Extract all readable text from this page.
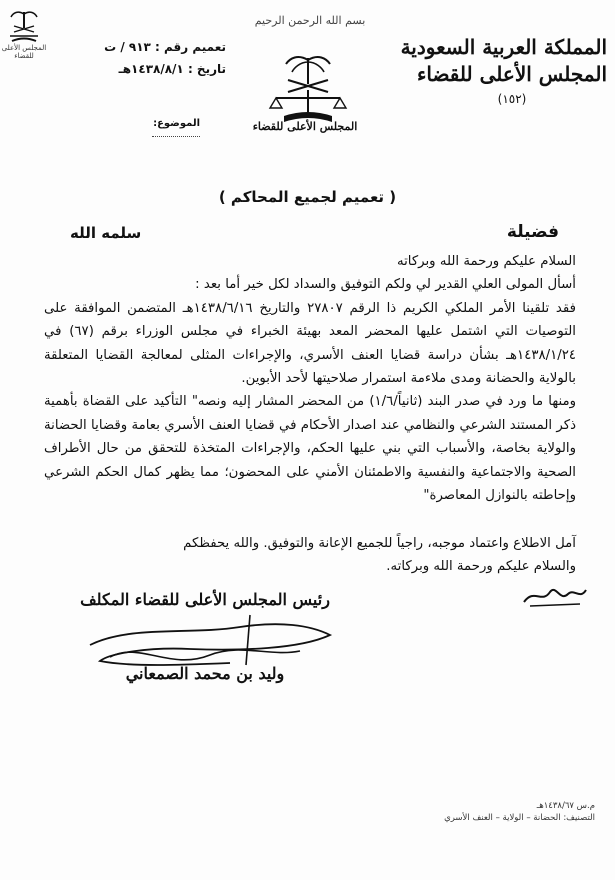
المملكة العربية السعودية
المجلس الأعلى للقضاء
(١٥٢)
بسم الله الرحمن الرحيم
المجلس الأعلى للقضاء
المجلس الأعلى للقضاء
تعميم رقم : ٩١٣ / ت
تاريخ : ١٤٣٨/٨/١هـ
الموضوع:
( تعميم لجميع المحاكم )
فضيلة
سلمه الله

السلام عليكم ورحمة الله وبركاته

أسأل المولى العلي القدير لي ولكم التوفيق والسداد لكل خير أما بعد :

فقد تلقينا الأمر الملكي الكريم ذا الرقم ٢٧٨٠٧ والتاريخ ١٤٣٨/٦/١٦هـ المتضمن الموافقة على التوصيات التي اشتمل عليها المحضر المعد بهيئة الخبراء في مجلس الوزراء برقم (٦٧) في ١٤٣٨/١/٢٤هـ بشأن دراسة قضايا العنف الأسري، والإجراءات المثلى لمعالجة القضايا المتعلقة بالولاية والحضانة ومدى ملاءمة استمرار صلاحيتها لأحد الأبوين.

ومنها ما ورد في صدر البند (ثانياً/١/٦) من المحضر المشار إليه ونصه" التأكيد على القضاة بأهمية ذكر المستند الشرعي والنظامي عند اصدار الأحكام في قضايا العنف الأسري بعامة وقضايا الحضانة والولاية بخاصة، والأسباب التي بني عليها الحكم، والإجراءات المتخذة للتحقق من حال الأطراف الصحية والاجتماعية والنفسية والاطمئنان الأمني على المحضون؛ مما يظهر كمال الحكم الشرعي وإحاطته بالنوازل المعاصرة"

آمل الاطلاع واعتماد موجبه، راجياً للجميع الإعانة والتوفيق. والله يحفظكم

والسلام عليكم ورحمة الله وبركاته.

رئيس المجلس الأعلى للقضاء المكلف
وليد بن محمد الصمعاني
م.س ١٤٣٨/٦٧هـ
التصنيف: الحضانة – الولاية – العنف الأسري
